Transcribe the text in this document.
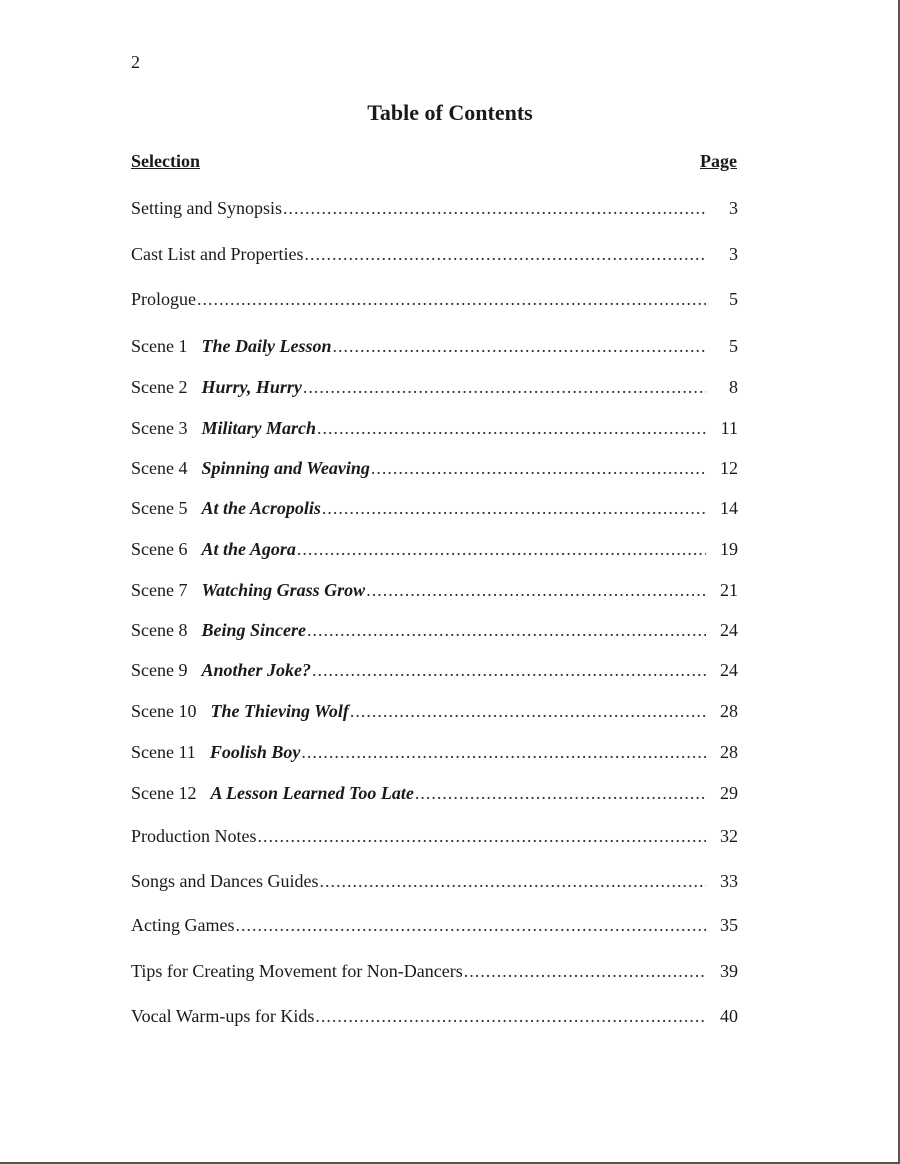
2
Table of Contents
Selection	Page
Setting and Synopsis .....	3
Cast List and Properties .....	3
Prologue .....	5
Scene 1 The Daily Lesson .....	5
Scene 2 Hurry, Hurry .....	8
Scene 3 Military March .....	11
Scene 4 Spinning and Weaving .....	12
Scene 5 At the Acropolis .....	14
Scene 6 At the Agora .....	19
Scene 7 Watching Grass Grow .....	21
Scene 8 Being Sincere .....	24
Scene 9 Another Joke? .....	24
Scene 10 The Thieving Wolf .....	28
Scene 11 Foolish Boy .....	28
Scene 12 A Lesson Learned Too Late .....	29
Production Notes .....	32
Songs and Dances Guides .....	33
Acting Games .....	35
Tips for Creating Movement for Non-Dancers .....	39
Vocal Warm-ups for Kids .....	40
